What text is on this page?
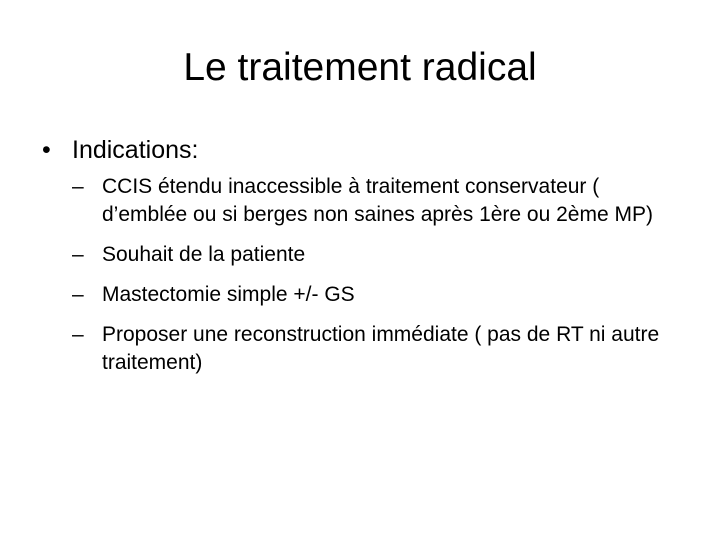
Le traitement radical
• Indications:
– CCIS étendu inaccessible à traitement conservateur ( d’emblée ou si berges non saines après 1ère ou 2ème MP)
– Souhait de la patiente
– Mastectomie simple +/- GS
– Proposer une reconstruction immédiate ( pas de RT ni autre traitement)
